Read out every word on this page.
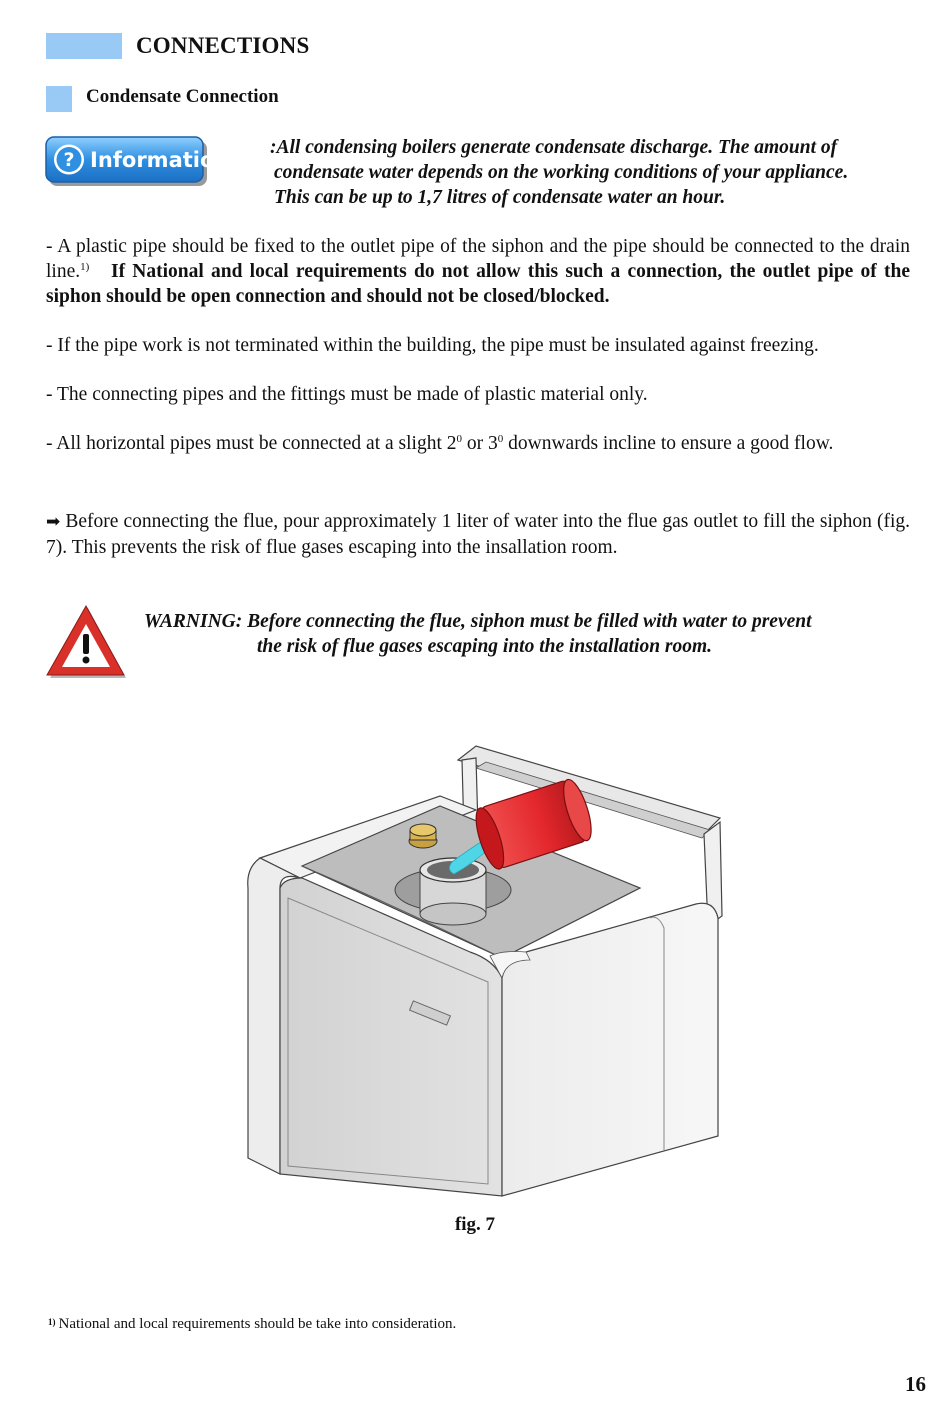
CONNECTIONS
Condensate Connection
? Information
:All condensing boilers generate condensate discharge. The amount of
condensate water depends on the working conditions of your appliance.
This can be up to 1,7 litres of condensate water an hour.
- A plastic pipe should be fixed to the outlet pipe of the siphon and the pipe should be connected to the drain line.$^{1)}$ If National and local requirements do not allow this such a connection, the outlet pipe of the siphon should be open connection and should not be closed/blocked.
- If the pipe work is not terminated within the building, the pipe must be insulated against freezing.
- The connecting pipes and the fittings must be made of plastic material only.
- All horizontal pipes must be connected at a slight $2^0$ or $3^0$ downwards incline to ensure a good flow.
➡ Before connecting the flue, pour approximately 1 liter of water into the flue gas outlet to fill the siphon (fig. 7). This prevents the risk of flue gases escaping into the insallation room.
WARNING: Before connecting the flue, siphon must be filled with water to prevent
the risk of flue gases escaping into the installation room.
fig. 7
$^{1)}$ National and local requirements should be take into consideration.
16
